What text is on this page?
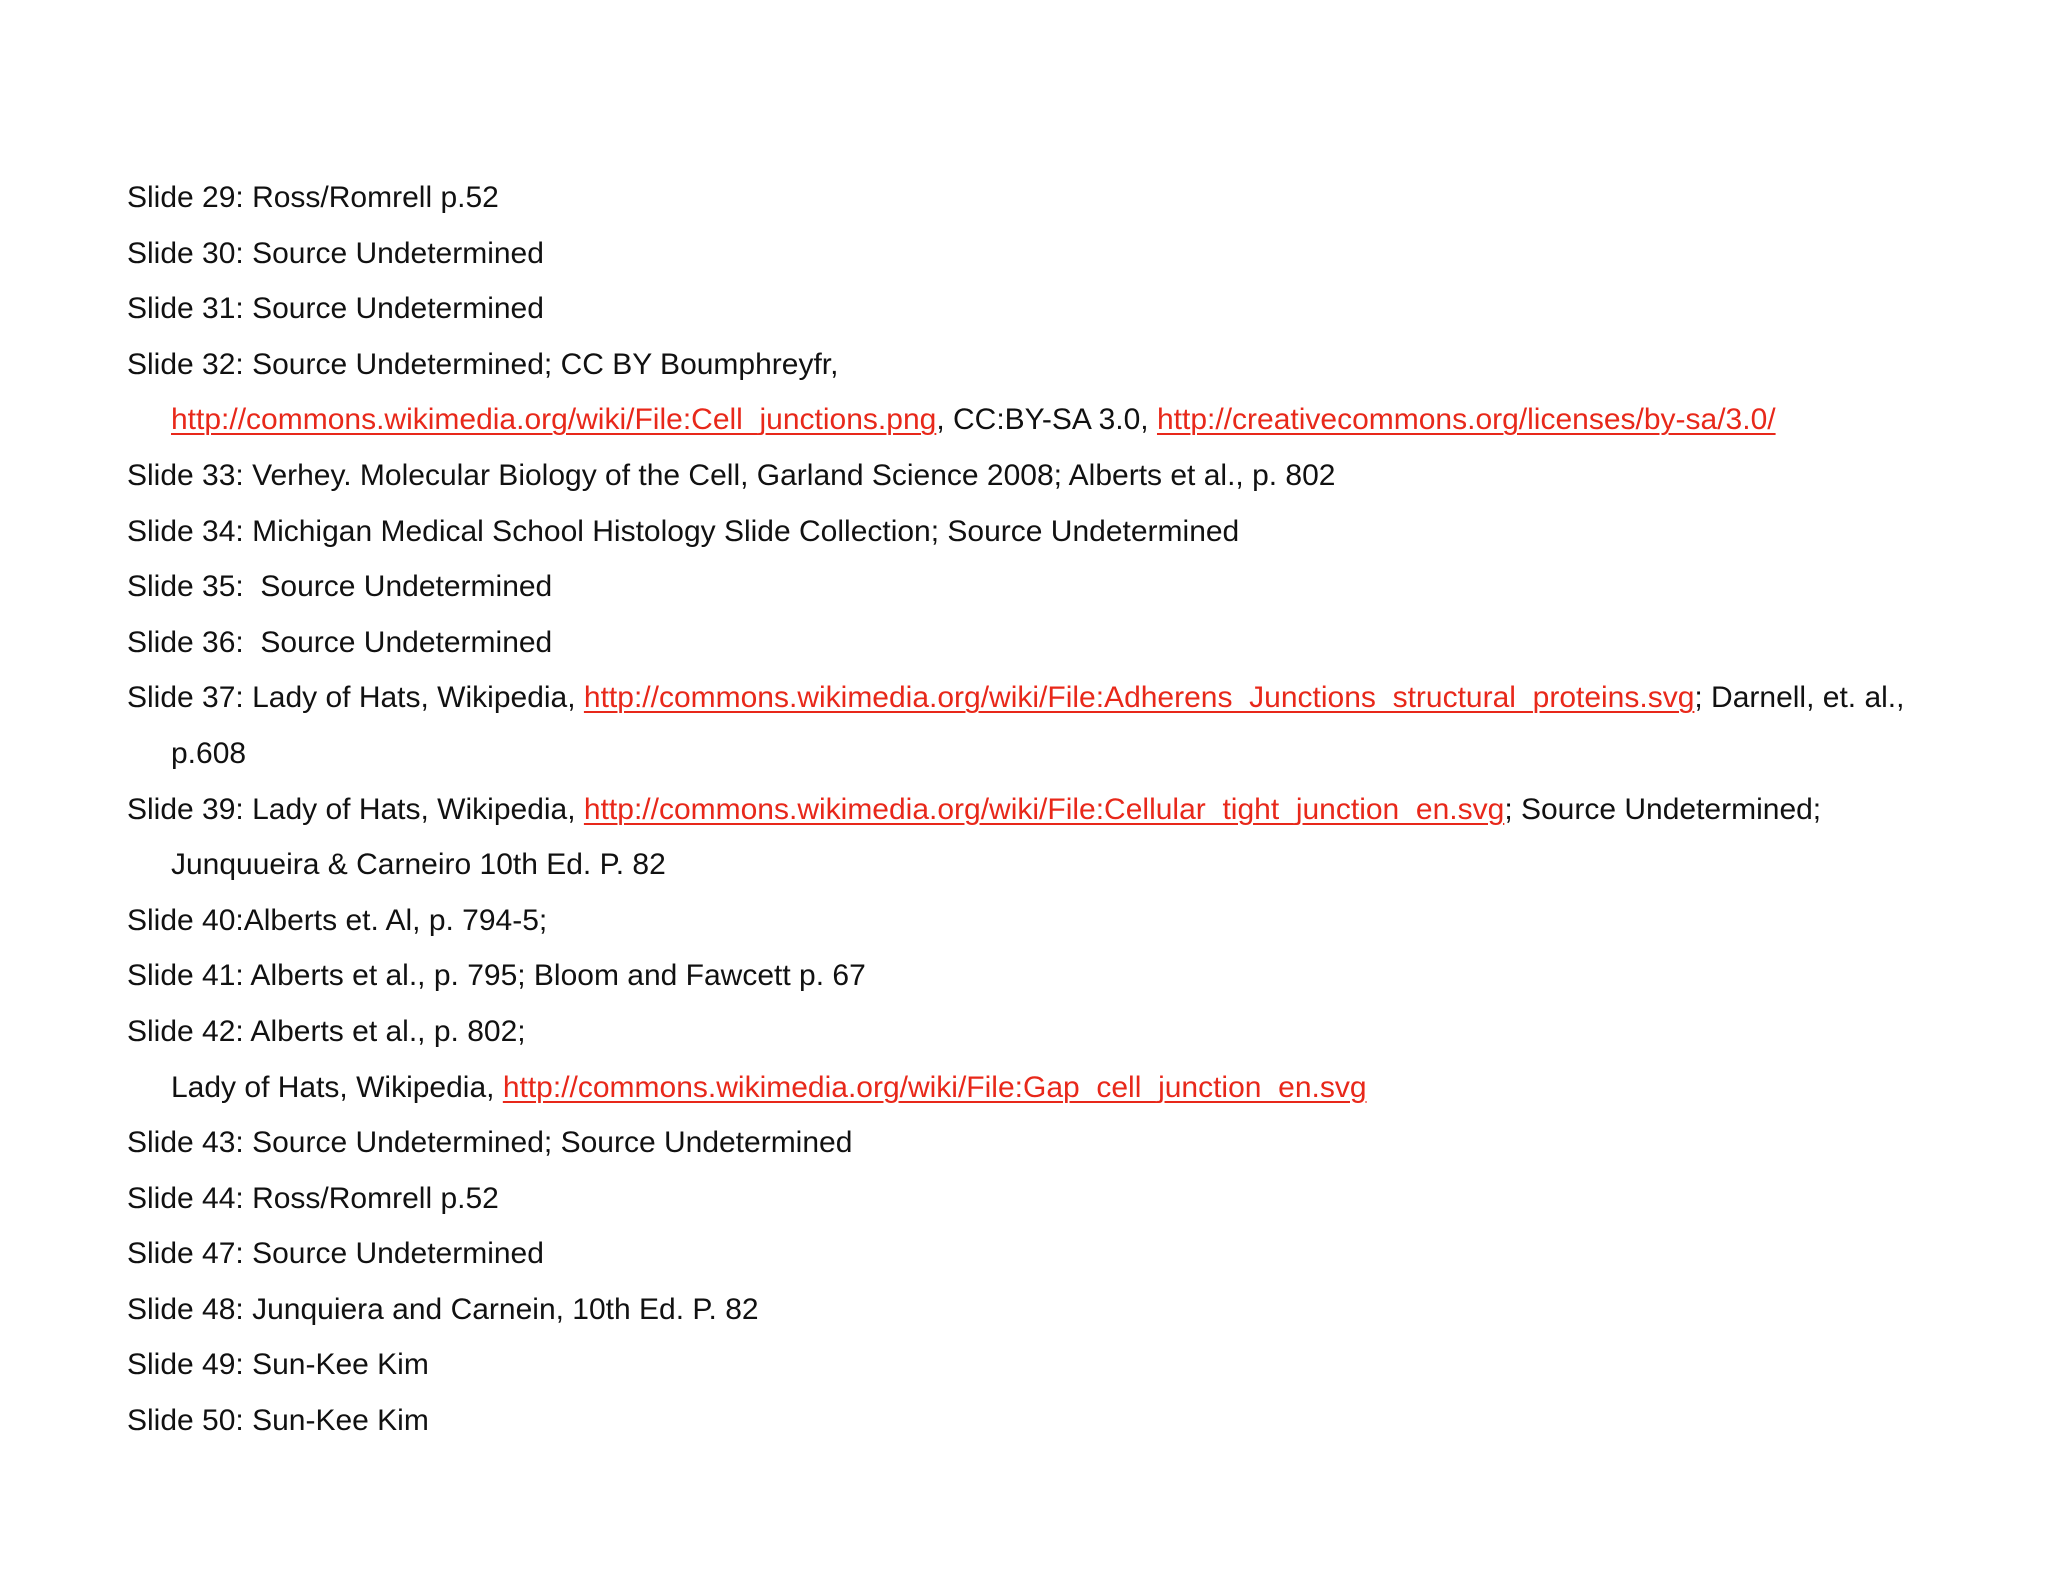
Slide 29: Ross/Romrell p.52
Slide 30: Source Undetermined
Slide 31: Source Undetermined
Slide 32: Source Undetermined; CC BY Boumphreyfr,
http://commons.wikimedia.org/wiki/File:Cell_junctions.png, CC:BY-SA 3.0, http://creativecommons.org/licenses/by-sa/3.0/
Slide 33: Verhey. Molecular Biology of the Cell, Garland Science 2008; Alberts et al., p. 802
Slide 34: Michigan Medical School Histology Slide Collection; Source Undetermined
Slide 35:  Source Undetermined
Slide 36:  Source Undetermined
Slide 37: Lady of Hats, Wikipedia, http://commons.wikimedia.org/wiki/File:Adherens_Junctions_structural_proteins.svg; Darnell, et. al.,
p.608
Slide 39: Lady of Hats, Wikipedia, http://commons.wikimedia.org/wiki/File:Cellular_tight_junction_en.svg; Source Undetermined;
Junquueira & Carneiro 10th Ed. P. 82
Slide 40:Alberts et. Al, p. 794-5;
Slide 41: Alberts et al., p. 795; Bloom and Fawcett p. 67
Slide 42: Alberts et al., p. 802;
Lady of Hats, Wikipedia, http://commons.wikimedia.org/wiki/File:Gap_cell_junction_en.svg
Slide 43: Source Undetermined; Source Undetermined
Slide 44: Ross/Romrell p.52
Slide 47: Source Undetermined
Slide 48: Junquiera and Carnein, 10th Ed. P. 82
Slide 49: Sun-Kee Kim
Slide 50: Sun-Kee Kim
